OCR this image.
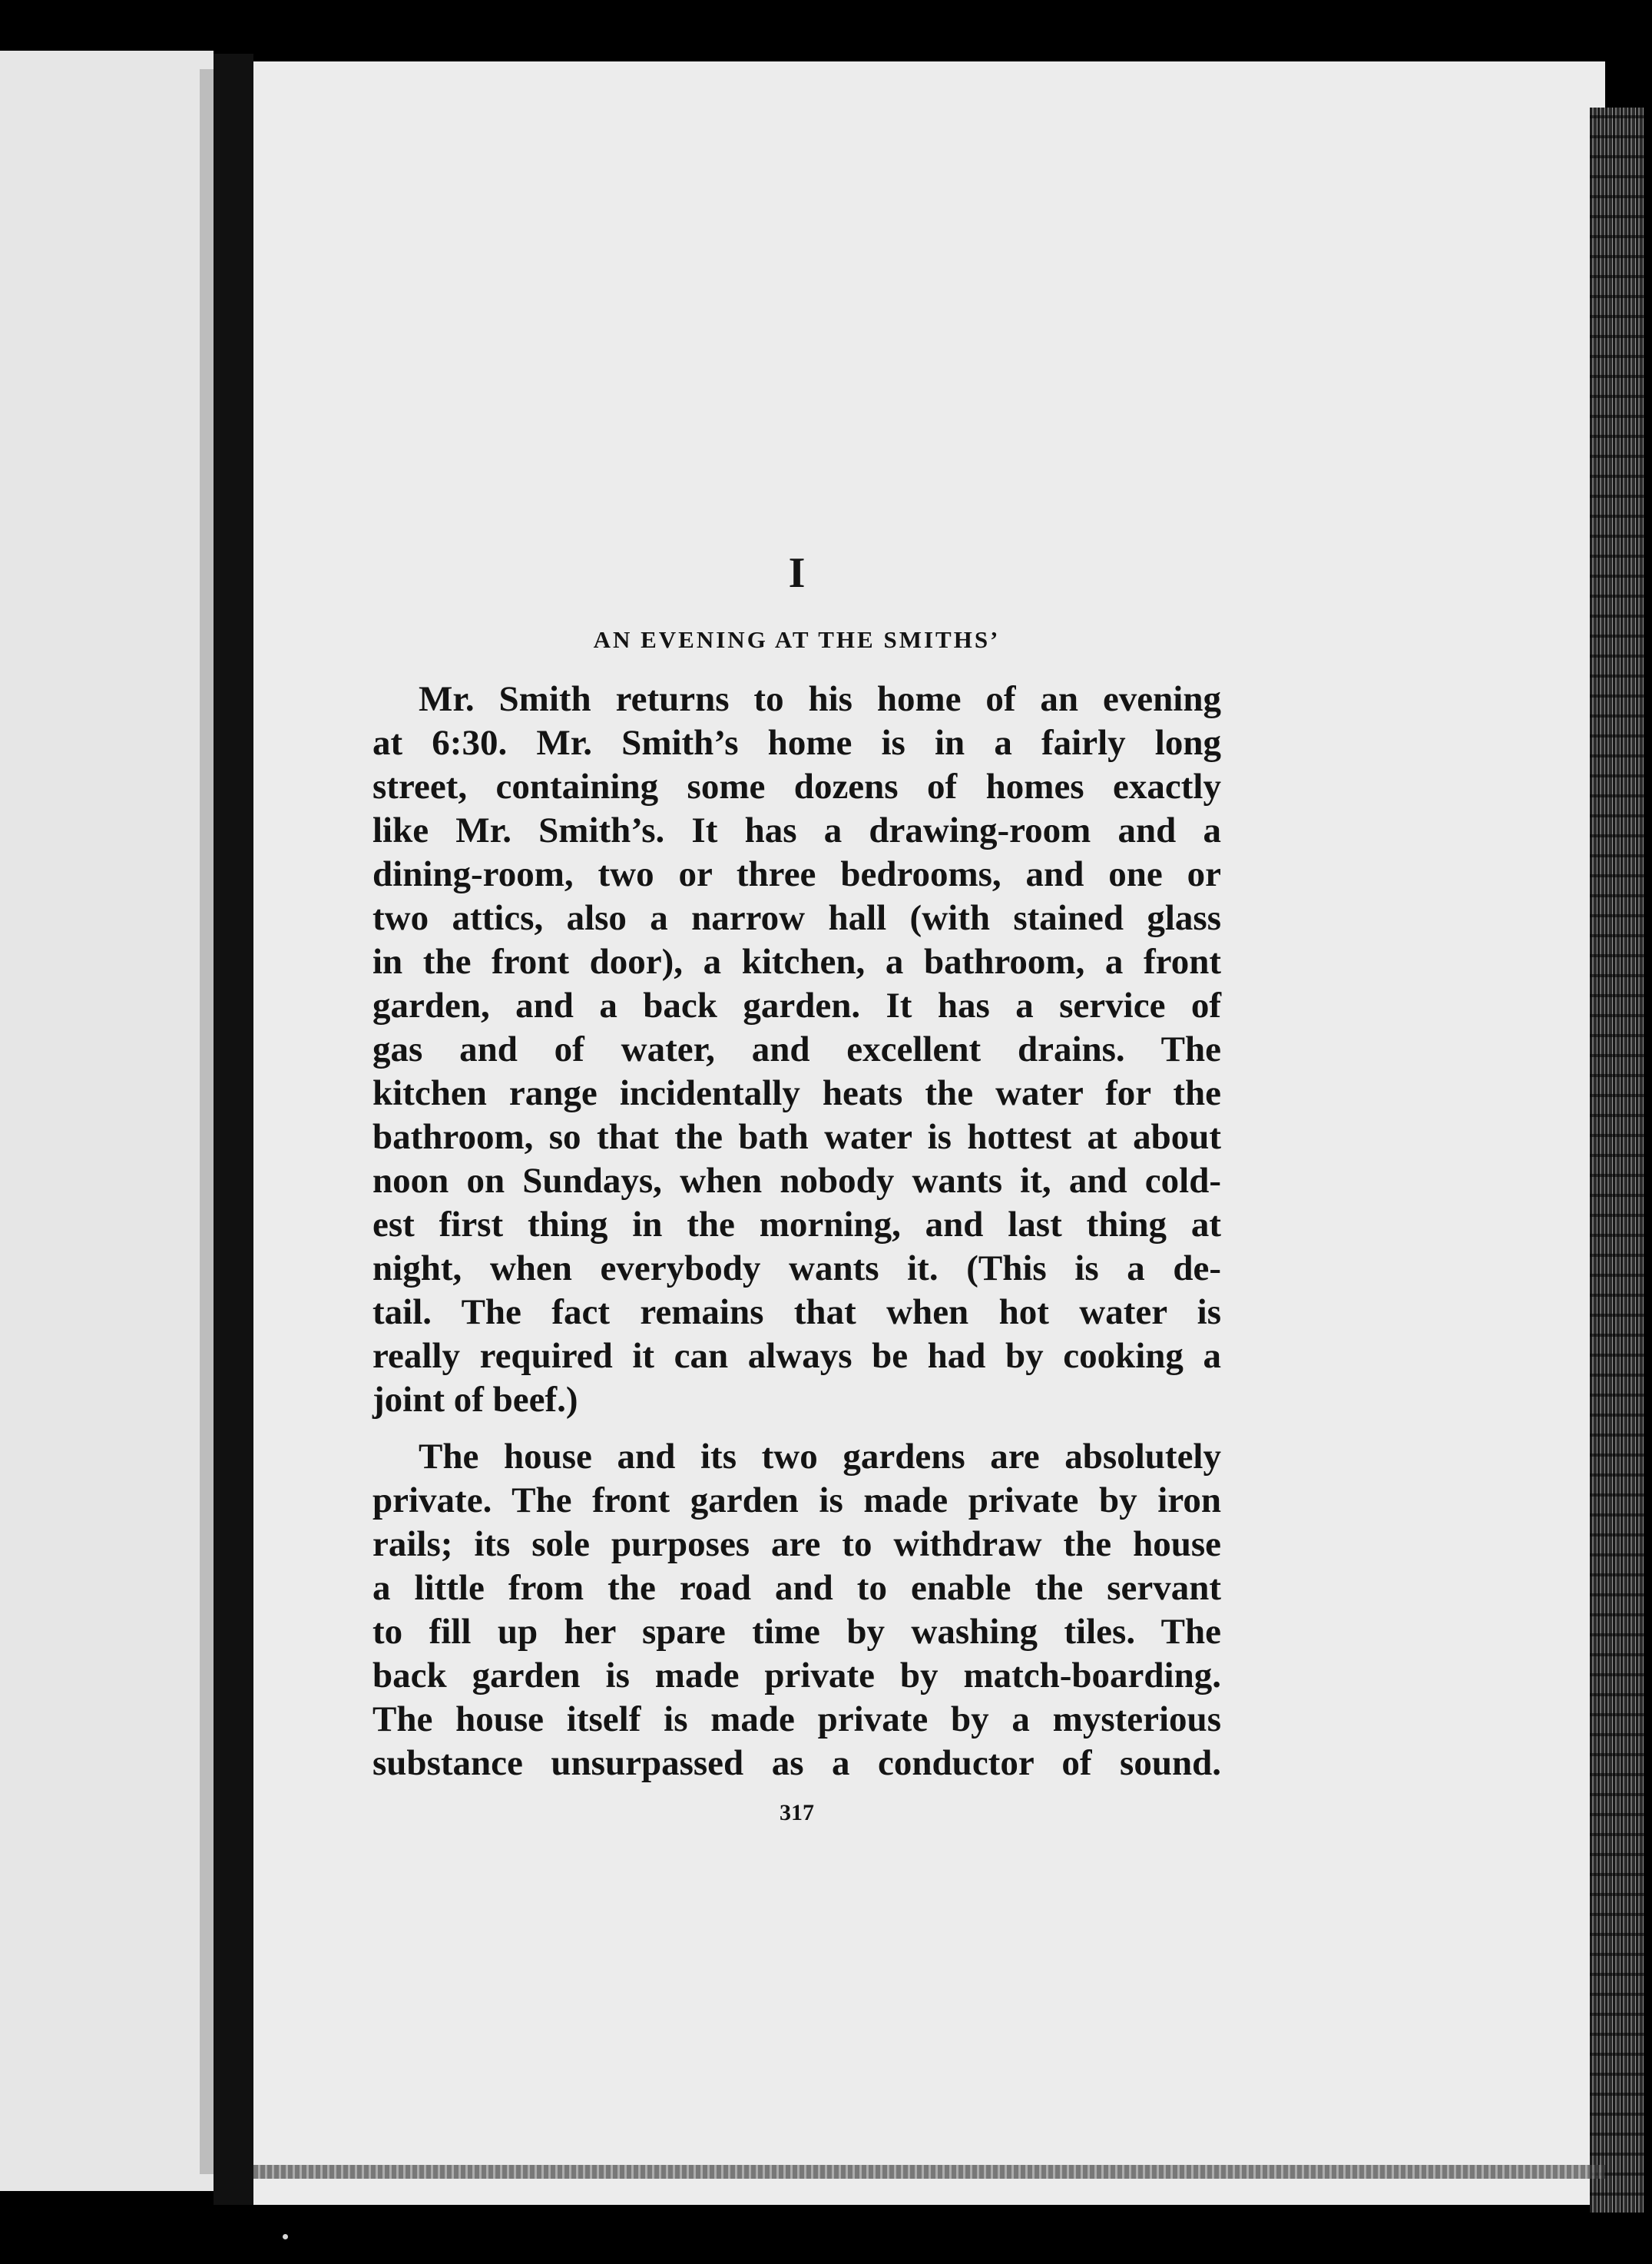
I
AN EVENING AT THE SMITHS’

Mr. Smith returns to his home of an evening
at 6:30. Mr. Smith’s home is in a fairly long
street, containing some dozens of homes exactly
like Mr. Smith’s. It has a drawing-room and a
dining-room, two or three bedrooms, and one or
two attics, also a narrow hall (with stained glass
in the front door), a kitchen, a bathroom, a front
garden, and a back garden. It has a service of
gas and of water, and excellent drains. The
kitchen range incidentally heats the water for the
bathroom, so that the bath water is hottest at about
noon on Sundays, when nobody wants it, and cold-
est first thing in the morning, and last thing at
night, when everybody wants it. (This is a de-
tail. The fact remains that when hot water is
really required it can always be had by cooking a
joint of beef.)

The house and its two gardens are absolutely
private. The front garden is made private by iron
rails; its sole purposes are to withdraw the house
a little from the road and to enable the servant
to fill up her spare time by washing tiles. The
back garden is made private by match-boarding.
The house itself is made private by a mysterious
substance unsurpassed as a conductor of sound.

317
